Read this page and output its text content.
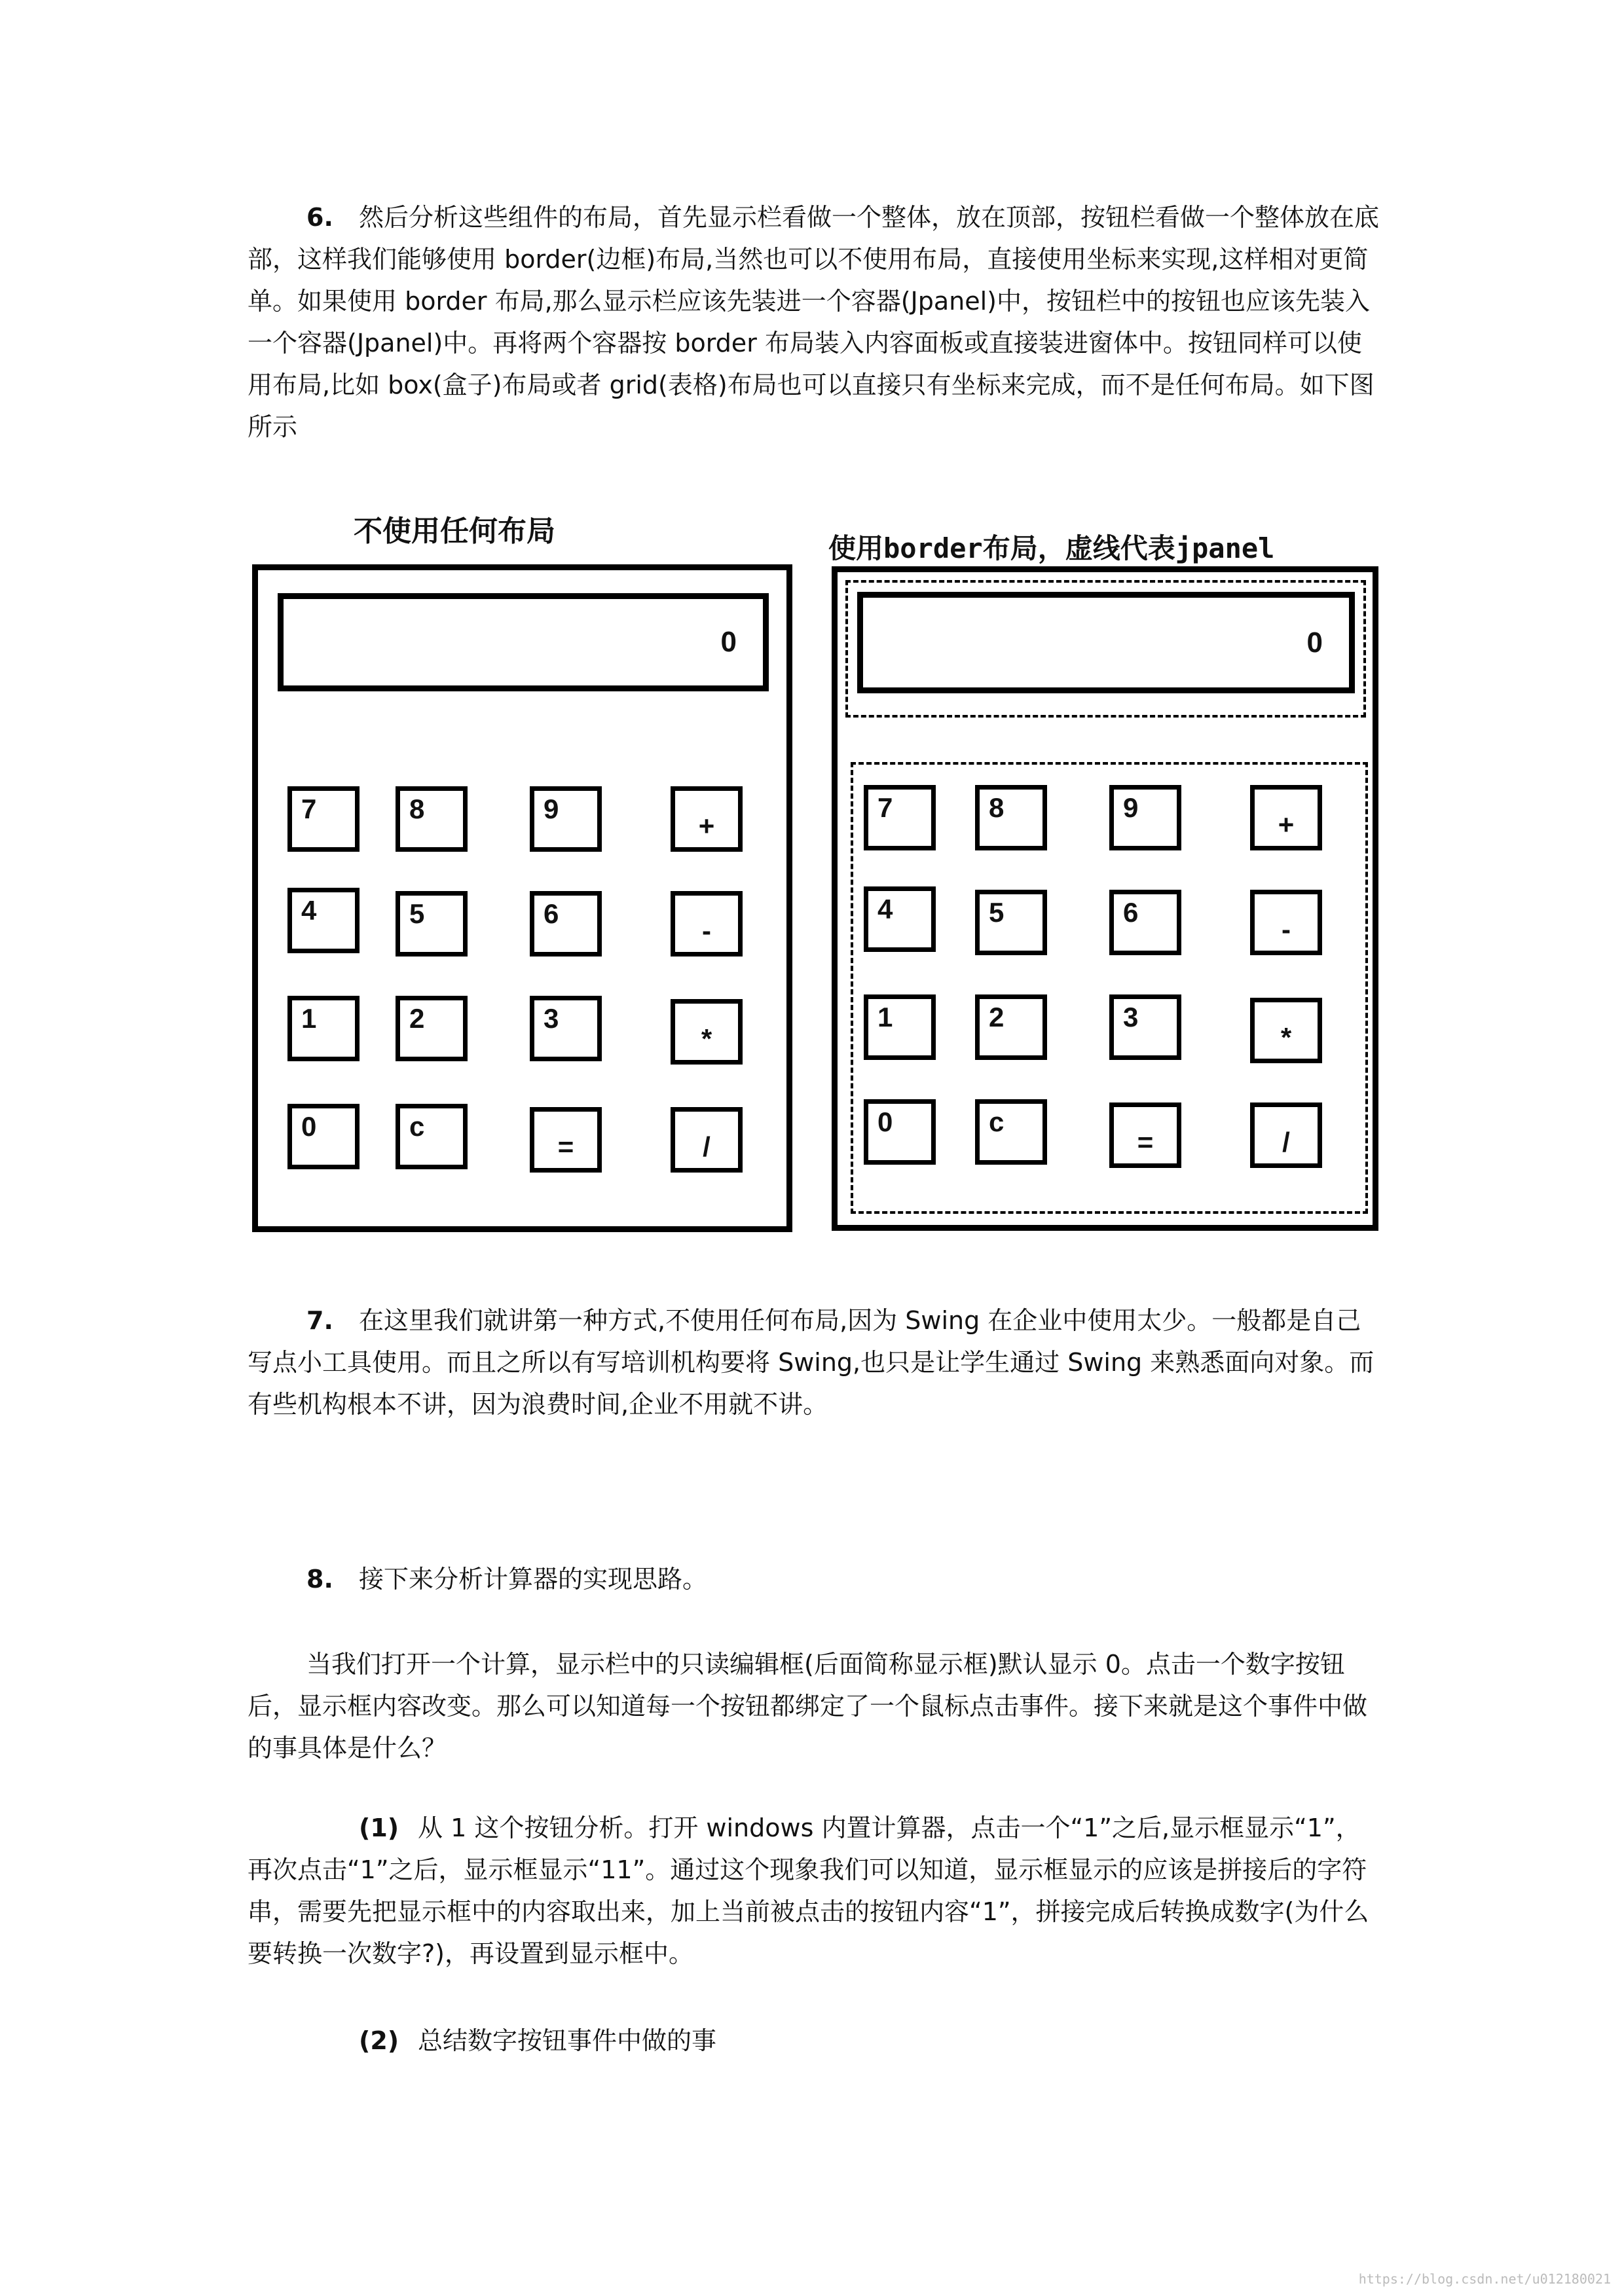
6. 然后分析这些组件的布局，首先显示栏看做一个整体，放在顶部，按钮栏看做一个整体放在底部，这样我们能够使用 border(边框)布局,当然也可以不使用布局，直接使用坐标来实现,这样相对更简单。如果使用 border 布局,那么显示栏应该先装进一个容器(Jpanel)中，按钮栏中的按钮也应该先装入一个容器(Jpanel)中。再将两个容器按 border 布局装入内容面板或直接装进窗体中。按钮同样可以使用布局,比如 box(盒子)布局或者 grid(表格)布局也可以直接只有坐标来完成，而不是任何布局。如下图所示

不使用任何布局
使用border布局，虚线代表jpanel
0
7	8	9
+
4	5	6
-
1	2	3
*
0	c
=	/
0
7	8	9
+
4	5	6
-
1	2	3
*
0	c
=	/

7. 在这里我们就讲第一种方式,不使用任何布局,因为 Swing 在企业中使用太少。一般都是自己写点小工具使用。而且之所以有写培训机构要将 Swing,也只是让学生通过 Swing 来熟悉面向对象。而有些机构根本不讲，因为浪费时间,企业不用就不讲。

8. 接下来分析计算器的实现思路。

当我们打开一个计算，显示栏中的只读编辑框(后面简称显示框)默认显示 0。点击一个数字按钮后，显示框内容改变。那么可以知道每一个按钮都绑定了一个鼠标点击事件。接下来就是这个事件中做的事具体是什么？

(1) 从 1 这个按钮分析。打开 windows 内置计算器，点击一个“1”之后,显示框显示“1”，再次点击“1”之后，显示框显示“11”。通过这个现象我们可以知道，显示框显示的应该是拼接后的字符串，需要先把显示框中的内容取出来，加上当前被点击的按钮内容“1”，拼接完成后转换成数字(为什么要转换一次数字?)，再设置到显示框中。

(2) 总结数字按钮事件中做的事

https://blog.csdn.net/u012180021
